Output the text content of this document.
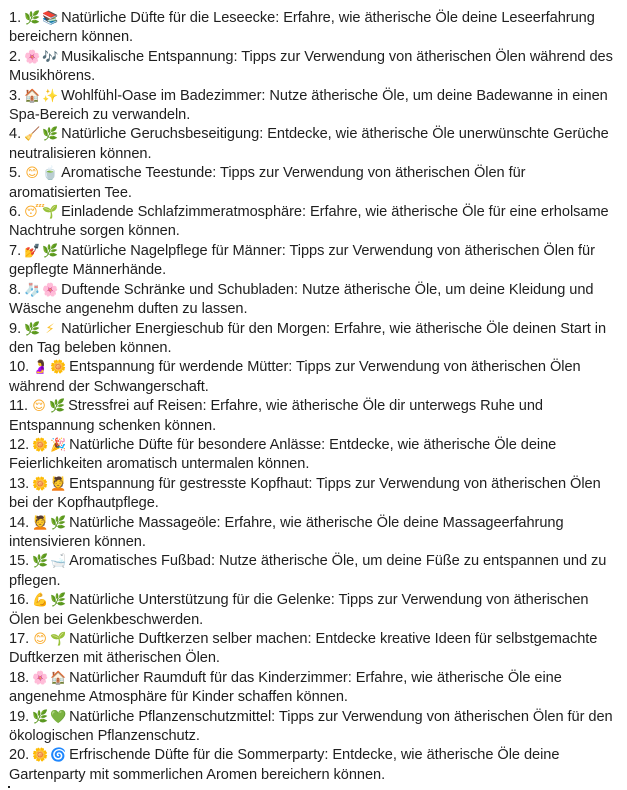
1. 🌿 📚 Natürliche Düfte für die Leseecke: Erfahre, wie ätherische Öle deine Leseerfahrung bereichern können.
2. 🌸 🎶 Musikalische Entspannung: Tipps zur Verwendung von ätherischen Ölen während des Musikhörens.
3. 🏠 ✨ Wohlfühl-Oase im Badezimmer: Nutze ätherische Öle, um deine Badewanne in einen Spa-Bereich zu verwandeln.
4. 🧹 🌿 Natürliche Geruchsbeseitigung: Entdecke, wie ätherische Öle unerwünschte Gerüche neutralisieren können.
5. 😊 🍵 Aromatische Teestunde: Tipps zur Verwendung von ätherischen Ölen für aromatisierten Tee.
6. 😴🌱 Einladende Schlafzimmeratmosphäre: Erfahre, wie ätherische Öle für eine erholsame Nachtruhe sorgen können.
7. 💅 🌿 Natürliche Nagelpflege für Männer: Tipps zur Verwendung von ätherischen Ölen für gepflegte Männerhände.
8. 🧦 🌸 Duftende Schränke und Schubladen: Nutze ätherische Öle, um deine Kleidung und Wäsche angenehm duften zu lassen.
9. 🌿 ⚡ Natürlicher Energieschub für den Morgen: Erfahre, wie ätherische Öle deinen Start in den Tag beleben können.
10. 🤰 🌼 Entspannung für werdende Mütter: Tipps zur Verwendung von ätherischen Ölen während der Schwangerschaft.
11. 😌 🌿 Stressfrei auf Reisen: Erfahre, wie ätherische Öle dir unterwegs Ruhe und Entspannung schenken können.
12. 🌼 🎉 Natürliche Düfte für besondere Anlässe: Entdecke, wie ätherische Öle deine Feierlichkeiten aromatisch untermalen können.
13. 🌼 💆 Entspannung für gestresste Kopfhaut: Tipps zur Verwendung von ätherischen Ölen bei der Kopfhautpflege.
14. 💆 🌿 Natürliche Massageöle: Erfahre, wie ätherische Öle deine Massageerfahrung intensivieren können.
15. 🌿 🛁 Aromatisches Fußbad: Nutze ätherische Öle, um deine Füße zu entspannen und zu pflegen.
16. 💪 🌿 Natürliche Unterstützung für die Gelenke: Tipps zur Verwendung von ätherischen Ölen bei Gelenkbeschwerden.
17. 😊 🌱 Natürliche Duftkerzen selber machen: Entdecke kreative Ideen für selbstgemachte Duftkerzen mit ätherischen Ölen.
18. 🌸 🏠 Natürlicher Raumduft für das Kinderzimmer: Erfahre, wie ätherische Öle eine angenehme Atmosphäre für Kinder schaffen können.
19. 🌿 💚 Natürliche Pflanzenschutzmittel: Tipps zur Verwendung von ätherischen Ölen für den ökologischen Pflanzenschutz.
20. 🌼 🌀 Erfrischende Düfte für die Sommerparty: Entdecke, wie ätherische Öle deine Gartenparty mit sommerlichen Aromen bereichern können.
